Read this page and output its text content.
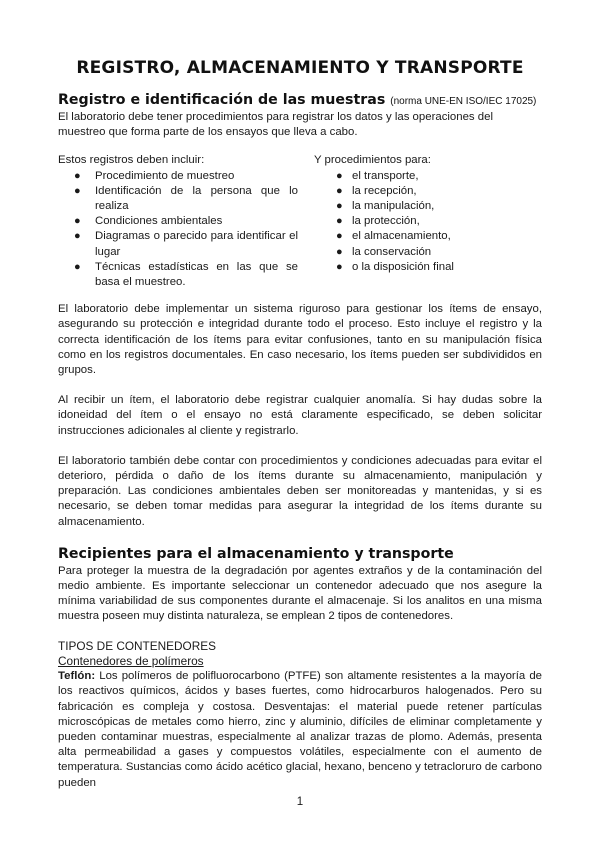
REGISTRO, ALMACENAMIENTO Y TRANSPORTE
Registro e identificación de las muestras (norma UNE-EN ISO/IEC 17025)

El laboratorio debe tener procedimientos para registrar los datos y las operaciones del muestreo que forma parte de los ensayos que lleva a cabo.

Estos registros deben incluir:
● Procedimiento de muestreo
● Identificación de la persona que lo realiza
● Condiciones ambientales
● Diagramas o parecido para identificar el lugar
● Técnicas estadísticas en las que se basa el muestreo.
Y procedimientos para:
● el transporte,
● la recepción,
● la manipulación,
● la protección,
● el almacenamiento,
● la conservación
● o la disposición final

El laboratorio debe implementar un sistema riguroso para gestionar los ítems de ensayo, asegurando su protección e integridad durante todo el proceso. Esto incluye el registro y la correcta identificación de los ítems para evitar confusiones, tanto en su manipulación física como en los registros documentales. En caso necesario, los ítems pueden ser subdivididos en grupos.

Al recibir un ítem, el laboratorio debe registrar cualquier anomalía. Si hay dudas sobre la idoneidad del ítem o el ensayo no está claramente especificado, se deben solicitar instrucciones adicionales al cliente y registrarlo.

El laboratorio también debe contar con procedimientos y condiciones adecuadas para evitar el deterioro, pérdida o daño de los ítems durante su almacenamiento, manipulación y preparación. Las condiciones ambientales deben ser monitoreadas y mantenidas, y si es necesario, se deben tomar medidas para asegurar la integridad de los ítems durante su almacenamiento.

Recipientes para el almacenamiento y transporte

Para proteger la muestra de la degradación por agentes extraños y de la contaminación del medio ambiente. Es importante seleccionar un contenedor adecuado que nos asegure la mínima variabilidad de sus componentes durante el almacenaje. Si los analitos en una misma muestra poseen muy distinta naturaleza, se emplean 2 tipos de contenedores.

TIPOS DE CONTENEDORES
Contenedores de polímeros

Teflón: Los polímeros de polifluorocarbono (PTFE) son altamente resistentes a la mayoría de los reactivos químicos, ácidos y bases fuertes, como hidrocarburos halogenados. Pero su fabricación es compleja y costosa. Desventajas: el material puede retener partículas microscópicas de metales como hierro, zinc y aluminio, difíciles de eliminar completamente y pueden contaminar muestras, especialmente al analizar trazas de plomo. Además, presenta alta permeabilidad a gases y compuestos volátiles, especialmente con el aumento de temperatura. Sustancias como ácido acético glacial, hexano, benceno y tetracloruro de carbono pueden

1
